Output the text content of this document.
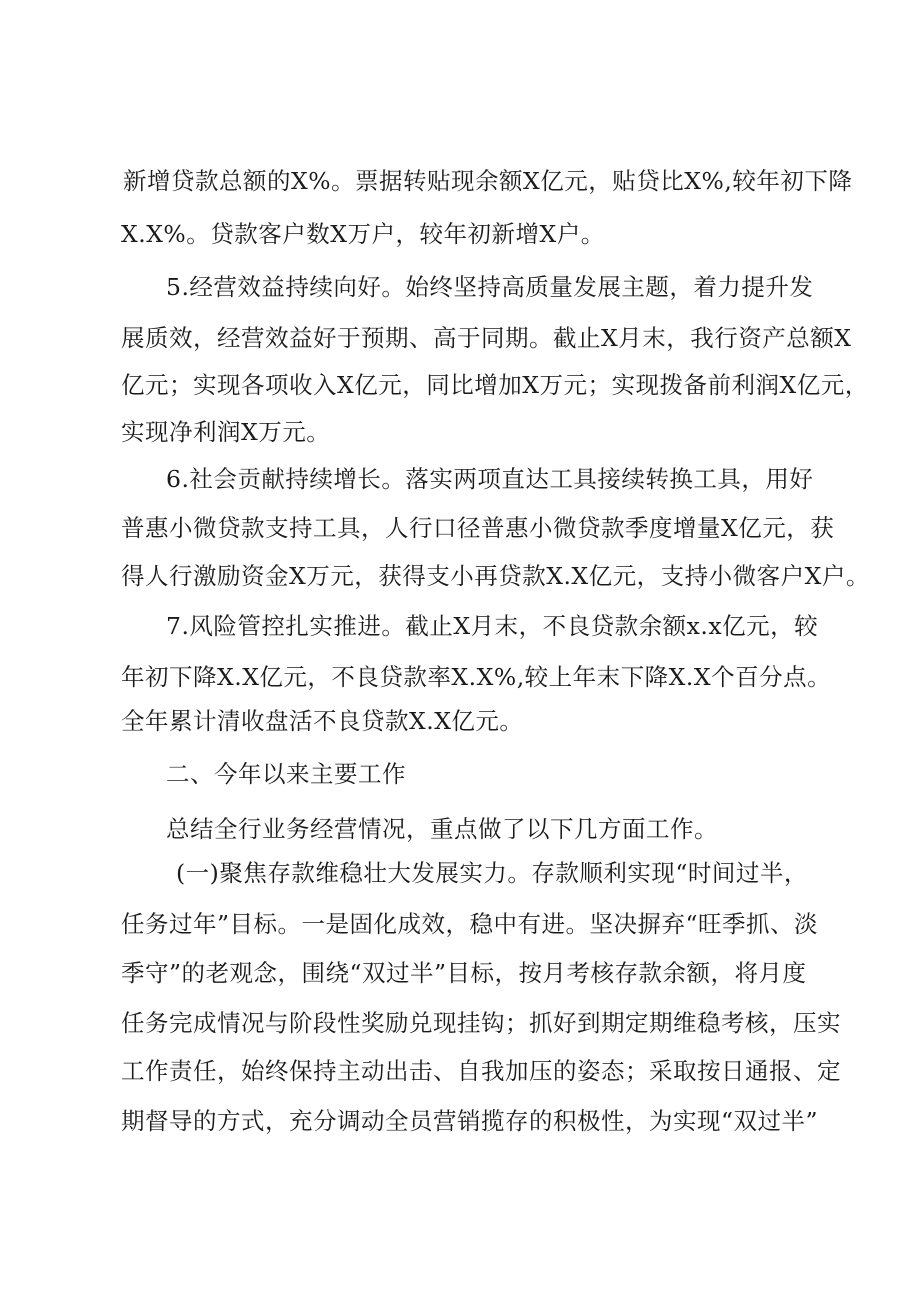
新增贷款总额的X%。票据转贴现余额X亿元，贴贷比X%,较年初下降
X.X%。贷款客户数X万户，较年初新增X户。
5.经营效益持续向好。始终坚持高质量发展主题，着力提升发
展质效，经营效益好于预期、高于同期。截止X月末，我行资产总额X
亿元；实现各项收入X亿元，同比增加X万元；实现拨备前利润X亿元，
实现净利润X万元。
6.社会贡献持续增长。落实两项直达工具接续转换工具，用好
普惠小微贷款支持工具，人行口径普惠小微贷款季度增量X亿元，获
得人行激励资金X万元，获得支小再贷款X.X亿元，支持小微客户X户。
7.风险管控扎实推进。截止X月末，不良贷款余额x.x亿元，较
年初下降X.X亿元，不良贷款率X.X%,较上年末下降X.X个百分点。
全年累计清收盘活不良贷款X.X亿元。
二、今年以来主要工作
总结全行业务经营情况，重点做了以下几方面工作。
(一)聚焦存款维稳壮大发展实力。存款顺利实现“时间过半，
任务过年”目标。一是固化成效，稳中有进。坚决摒弃“旺季抓、淡
季守”的老观念，围绕“双过半”目标，按月考核存款余额，将月度
任务完成情况与阶段性奖励兑现挂钩；抓好到期定期维稳考核，压实
工作责任，始终保持主动出击、自我加压的姿态；采取按日通报、定
期督导的方式，充分调动全员营销揽存的积极性，为实现“双过半”
